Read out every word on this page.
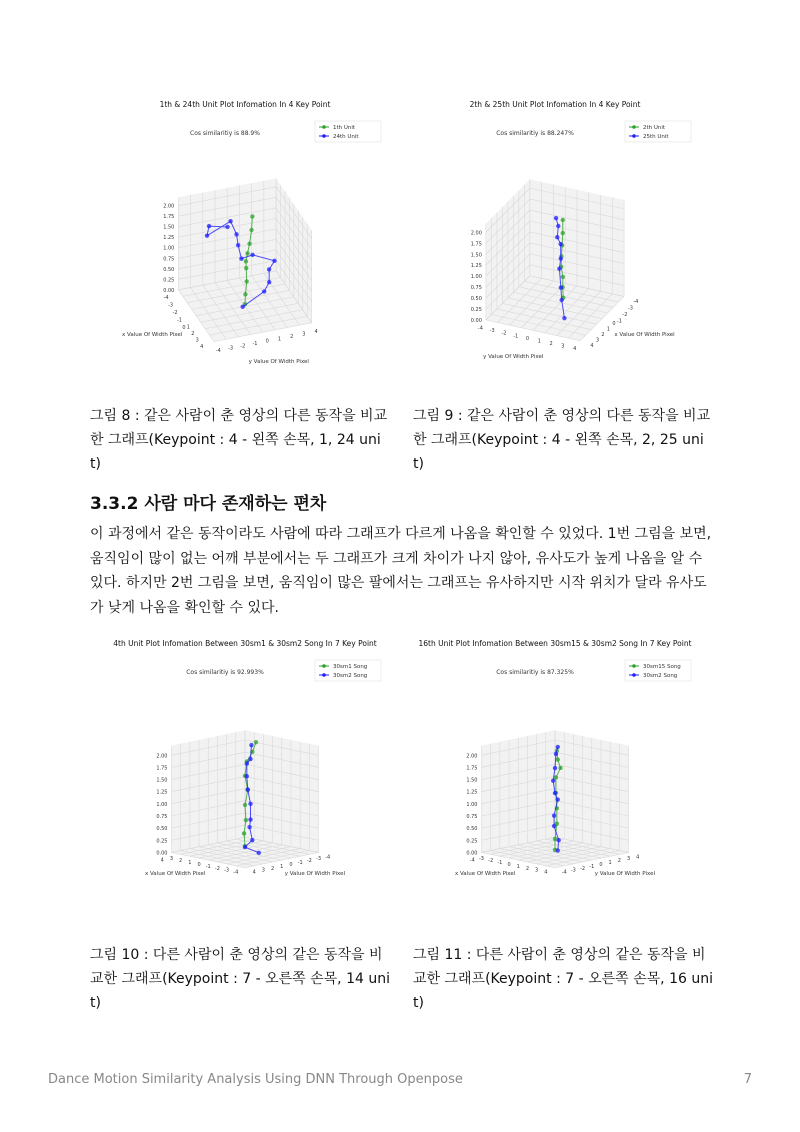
1th & 24th Unit Plot Infomation In 4 Key Point
1th Unit
24th Unit
Cos similaritiy is 88.9%
2.00
1.75
1.50
1.25
1.00
0.75
0.50
0.25
0.00
-4
-3
-2
-1
0 1
2
3
4
-4 -3 -2 -1 0 1 2 3 4
x Value Of Width Pixel
y Value Of Width Pixel
2th & 25th Unit Plot Infomation In 4 Key Point
2th Unit
25th Unit
Cos similaritiy is 88.247%
2.00
1.75
1.50
1.25
1.00
0.75
0.50
0.25
0.00
-4
-3
-2
-1
0
1
2
3
4
-4 -3 -2 -1 0 1 2 3 4
x Value Of Width Pixel
y Value Of Width Pixel
그림 8 : 같은 사람이 춘 영상의 다른 동작을 비교한 그래프(Keypoint : 4 - 왼쪽 손목, 1, 24 unit)
그림 9 : 같은 사람이 춘 영상의 다른 동작을 비교한 그래프(Keypoint : 4 - 왼쪽 손목, 2, 25 unit)
3.3.2 사람 마다 존재하는 편차

이 과정에서 같은 동작이라도 사람에 따라 그래프가 다르게 나옴을 확인할 수 있었다. 1번 그림을 보면, 움직임이 많이 없는 어깨 부분에서는 두 그래프가 크게 차이가 나지 않아, 유사도가 높게 나옴을 알 수 있다. 하지만 2번 그림을 보면, 움직임이 많은 팔에서는 그래프는 유사하지만 시작 위치가 달라 유사도가 낮게 나옴을 확인할 수 있다.

4th Unit Plot Infomation Between 30sm1 & 30sm2 Song In 7 Key Point
30sm1 Song
30sm2 Song
Cos similaritiy is 92.993%
2.00
1.75
1.50
1.25
1.00
0.75
0.50
0.25
0.00
-4
-3
-2
-1
0
1
2
3
4	-4
-3
-2
-1
0
1
2
3
4
x Value Of Width Pixel	y Value Of Width Pixel
16th Unit Plot Infomation Between 30sm15 & 30sm2 Song In 7 Key Point
30sm15 Song
30sm2 Song
Cos similaritiy is 87.325%
2.00
1.75
1.50
1.25
1.00
0.75
0.50
0.25
0.00
-4 -3 -2 -1 0 1 2 3 4	-4 -3 -2 -1 0 1 2 3 4
x Value Of Width Pixel	y Value Of Width Pixel
그림 10 : 다른 사람이 춘 영상의 같은 동작을 비교한 그래프(Keypoint : 7 - 오른쪽 손목, 14 unit)
그림 11 : 다른 사람이 춘 영상의 같은 동작을 비교한 그래프(Keypoint : 7 - 오른쪽 손목, 16 unit)
Dance Motion Similarity Analysis Using DNN Through Openpose	7
